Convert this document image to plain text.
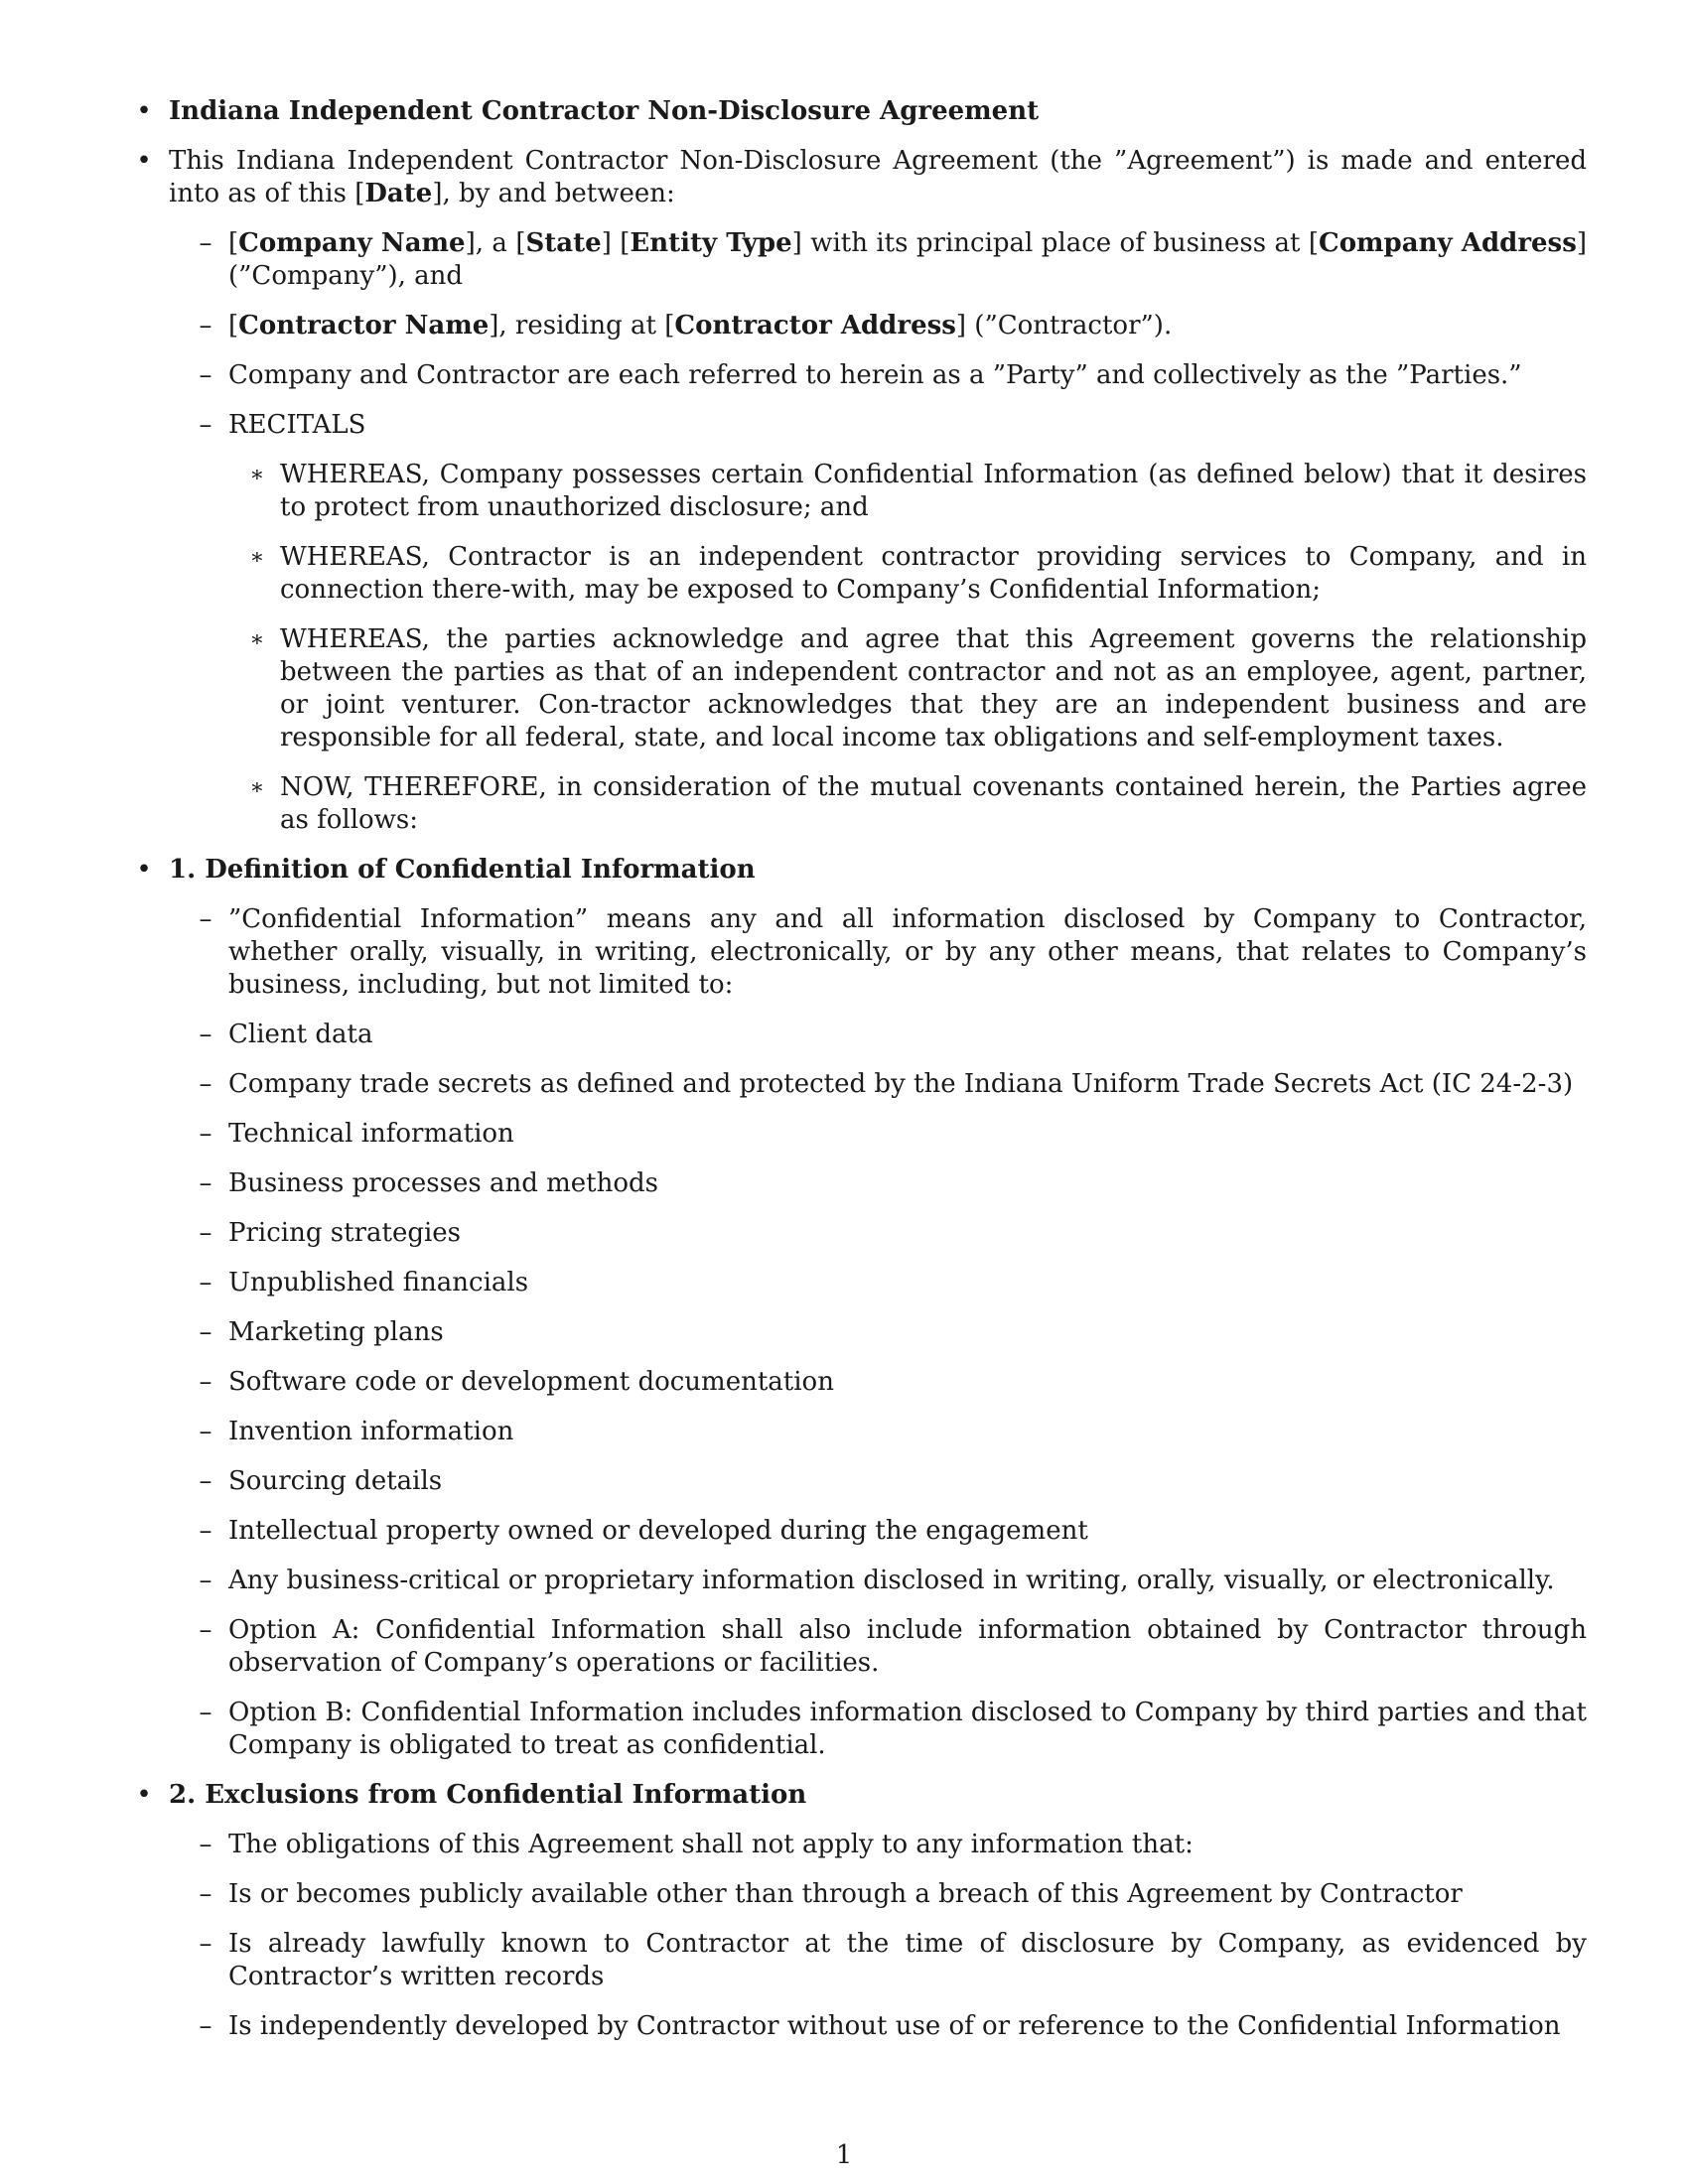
• Indiana Independent Contractor Non-Disclosure Agreement
• This Indiana Independent Contractor Non-Disclosure Agreement (the ”Agreement”) is made and entered into as of this [Date], by and between:
– [Company Name], a [State] [Entity Type] with its principal place of business at [Company Address] (”Company”), and
– [Contractor Name], residing at [Contractor Address] (”Contractor”).
– Company and Contractor are each referred to herein as a ”Party” and collectively as the ”Parties.”
– RECITALS
∗ WHEREAS, Company possesses certain Confidential Information (as defined below) that it desires to protect from unauthorized disclosure; and
∗ WHEREAS, Contractor is an independent contractor providing services to Company, and in connection there-with, may be exposed to Company’s Confidential Information;
∗ WHEREAS, the parties acknowledge and agree that this Agreement governs the relationship between the parties as that of an independent contractor and not as an employee, agent, partner, or joint venturer. Con-tractor acknowledges that they are an independent business and are responsible for all federal, state, and local income tax obligations and self-employment taxes.
∗ NOW, THEREFORE, in consideration of the mutual covenants contained herein, the Parties agree as follows:
• 1. Definition of Confidential Information
– ”Confidential Information” means any and all information disclosed by Company to Contractor, whether orally, visually, in writing, electronically, or by any other means, that relates to Company’s business, including, but not limited to:
– Client data
– Company trade secrets as defined and protected by the Indiana Uniform Trade Secrets Act (IC 24-2-3)
– Technical information
– Business processes and methods
– Pricing strategies
– Unpublished financials
– Marketing plans
– Software code or development documentation
– Invention information
– Sourcing details
– Intellectual property owned or developed during the engagement
– Any business-critical or proprietary information disclosed in writing, orally, visually, or electronically.
– Option A: Confidential Information shall also include information obtained by Contractor through observation of Company’s operations or facilities.
– Option B: Confidential Information includes information disclosed to Company by third parties and that Company is obligated to treat as confidential.
• 2. Exclusions from Confidential Information
– The obligations of this Agreement shall not apply to any information that:
– Is or becomes publicly available other than through a breach of this Agreement by Contractor
– Is already lawfully known to Contractor at the time of disclosure by Company, as evidenced by Contractor’s written records
– Is independently developed by Contractor without use of or reference to the Confidential Information
1
